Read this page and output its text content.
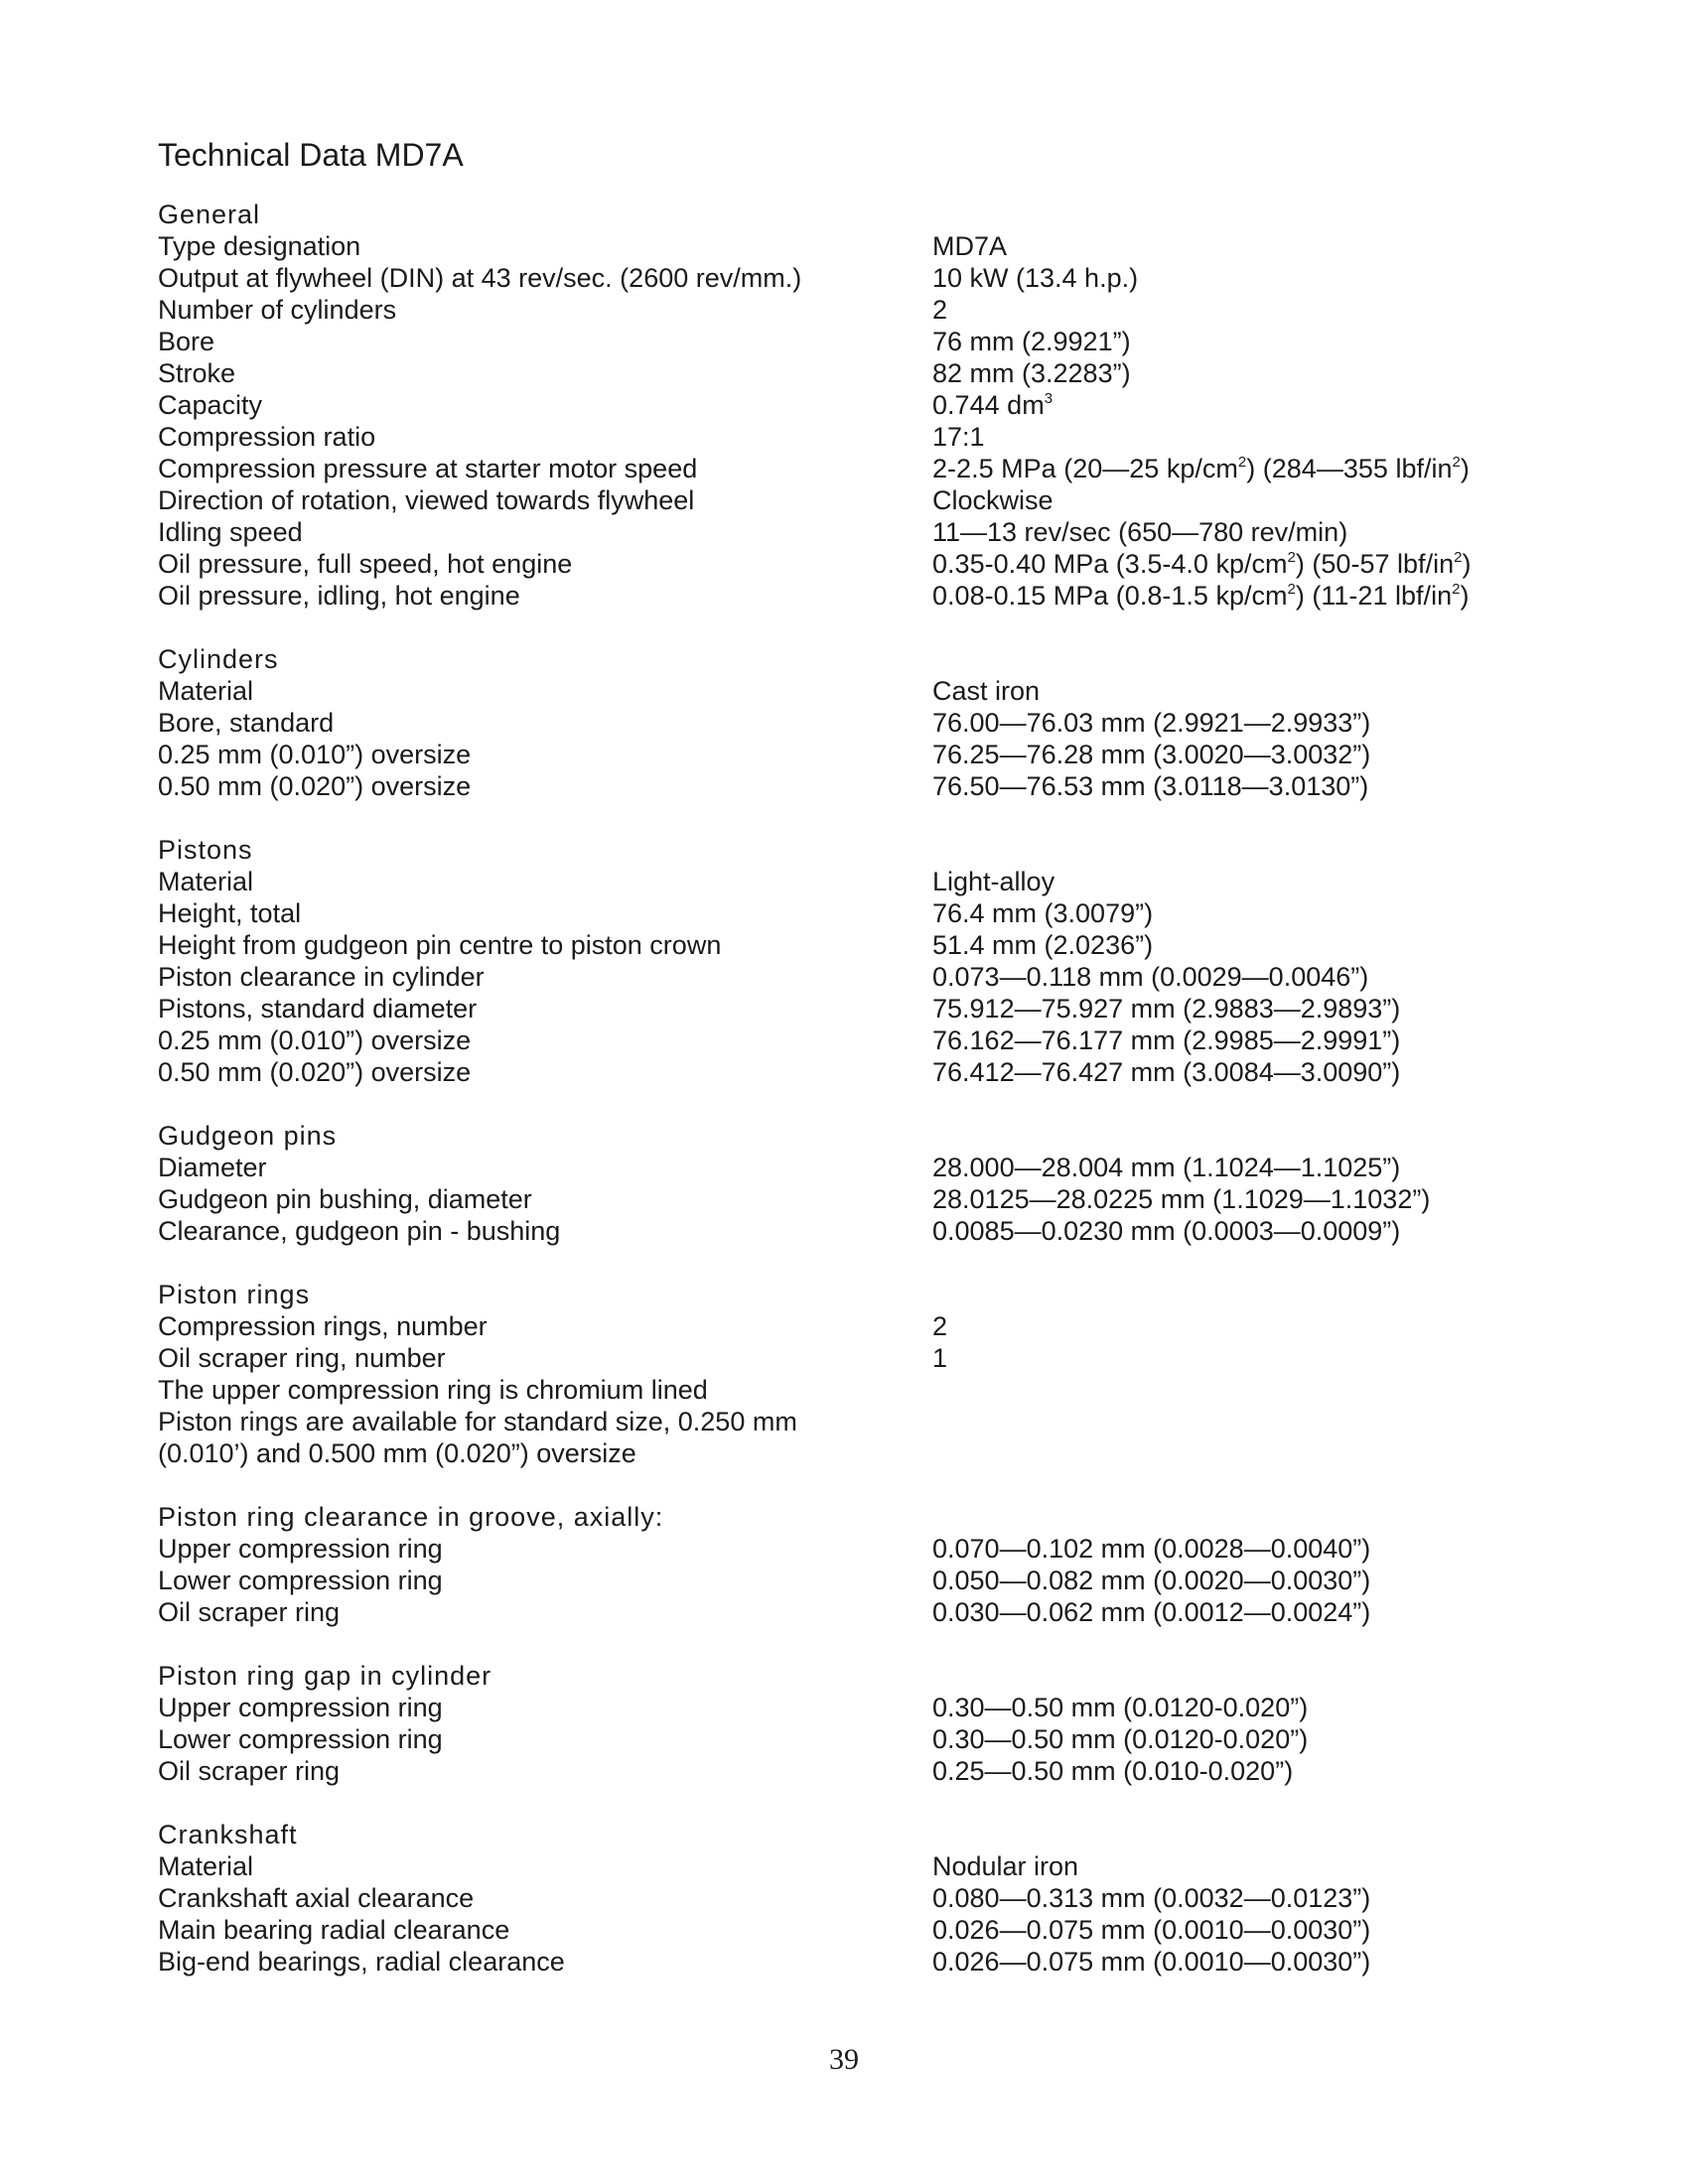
Technical Data MD7A
General
Type designation	MD7A
Output at flywheel (DIN) at 43 rev/sec. (2600 rev/mm.)	10 kW (13.4 h.p.)
Number of cylinders	2
Bore	76 mm (2.9921”)
Stroke	82 mm (3.2283”)
Capacity	0.744 $dm^3$
Compression ratio	17:1
Compression pressure at starter motor speed	2-2.5 MPa (20—25 $kp/cm^2$) (284—355 lbf/$in^2$)
Direction of rotation, viewed towards flywheel	Clockwise
Idling speed	11—13 rev/sec (650—780 rev/min)
Oil pressure, full speed, hot engine	0.35-0.40 MPa (3.5-4.0 $kp/cm^2$) (50-57 lbf/$in^2$)
Oil pressure, idling, hot engine	0.08-0.15 MPa (0.8-1.5 $kp/cm^2$) (11-21 lbf/$in^2$)
Cylinders
Material	Cast iron
Bore, standard	76.00—76.03 mm (2.9921—2.9933”)
0.25 mm (0.010”) oversize	76.25—76.28 mm (3.0020—3.0032”)
0.50 mm (0.020”) oversize	76.50—76.53 mm (3.0118—3.0130”)
Pistons
Material	Light-alloy
Height, total	76.4 mm (3.0079”)
Height from gudgeon pin centre to piston crown	51.4 mm (2.0236”)
Piston clearance in cylinder	0.073—0.118 mm (0.0029—0.0046”)
Pistons, standard diameter	75.912—75.927 mm (2.9883—2.9893”)
0.25 mm (0.010”) oversize	76.162—76.177 mm (2.9985—2.9991”)
0.50 mm (0.020”) oversize	76.412—76.427 mm (3.0084—3.0090”)
Gudgeon pins
Diameter	28.000—28.004 mm (1.1024—1.1025”)
Gudgeon pin bushing, diameter	28.0125—28.0225 mm (1.1029—1.1032”)
Clearance, gudgeon pin - bushing	0.0085—0.0230 mm (0.0003—0.0009”)
Piston rings
Compression rings, number	2
Oil scraper ring, number	1
The upper compression ring is chromium lined
Piston rings are available for standard size, 0.250 mm
(0.010’) and 0.500 mm (0.020”) oversize
Piston ring clearance in groove, axially:
Upper compression ring	0.070—0.102 mm (0.0028—0.0040”)
Lower compression ring	0.050—0.082 mm (0.0020—0.0030”)
Oil scraper ring	0.030—0.062 mm (0.0012—0.0024”)
Piston ring gap in cylinder
Upper compression ring	0.30—0.50 mm (0.0120-0.020”)
Lower compression ring	0.30—0.50 mm (0.0120-0.020”)
Oil scraper ring	0.25—0.50 mm (0.010-0.020”)
Crankshaft
Material	Nodular iron
Crankshaft axial clearance	0.080—0.313 mm (0.0032—0.0123”)
Main bearing radial clearance	0.026—0.075 mm (0.0010—0.0030”)
Big-end bearings, radial clearance	0.026—0.075 mm (0.0010—0.0030”)
39
